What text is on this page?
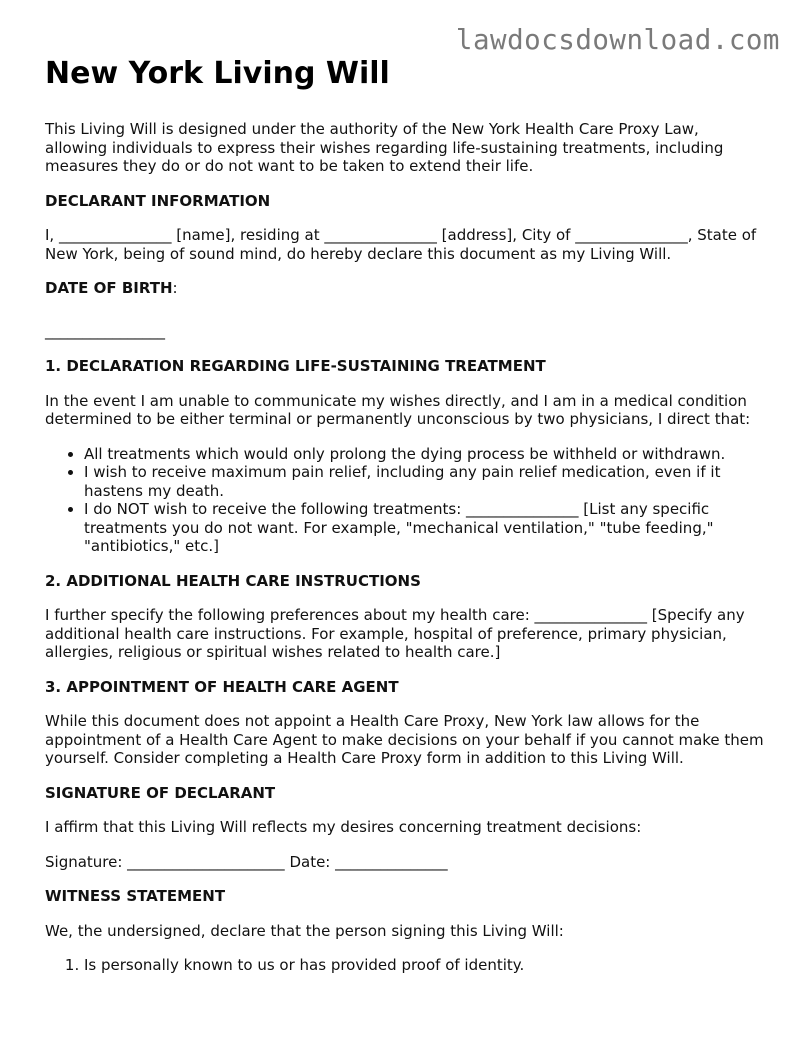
lawdocsdownload.com
New York Living Will

This Living Will is designed under the authority of the New York Health Care Proxy Law, allowing individuals to express their wishes regarding life-sustaining treatments, including measures they do or do not want to be taken to extend their life.

DECLARANT INFORMATION

I, _______________ [name], residing at _______________ [address], City of _______________, State of New York, being of sound mind, do hereby declare this document as my Living Will.

DATE OF BIRTH:

________________

1. DECLARATION REGARDING LIFE-SUSTAINING TREATMENT

In the event I am unable to communicate my wishes directly, and I am in a medical condition determined to be either terminal or permanently unconscious by two physicians, I direct that:

• All treatments which would only prolong the dying process be withheld or withdrawn.
• I wish to receive maximum pain relief, including any pain relief medication, even if it hastens my death.
• I do NOT wish to receive the following treatments: _______________ [List any specific treatments you do not want. For example, "mechanical ventilation," "tube feeding," "antibiotics," etc.]
2. ADDITIONAL HEALTH CARE INSTRUCTIONS

I further specify the following preferences about my health care: _______________ [Specify any additional health care instructions. For example, hospital of preference, primary physician, allergies, religious or spiritual wishes related to health care.]

3. APPOINTMENT OF HEALTH CARE AGENT

While this document does not appoint a Health Care Proxy, New York law allows for the appointment of a Health Care Agent to make decisions on your behalf if you cannot make them yourself. Consider completing a Health Care Proxy form in addition to this Living Will.

SIGNATURE OF DECLARANT

I affirm that this Living Will reflects my desires concerning treatment decisions:

Signature: _____________________ Date: _______________

WITNESS STATEMENT

We, the undersigned, declare that the person signing this Living Will:

1. Is personally known to us or has provided proof of identity.
